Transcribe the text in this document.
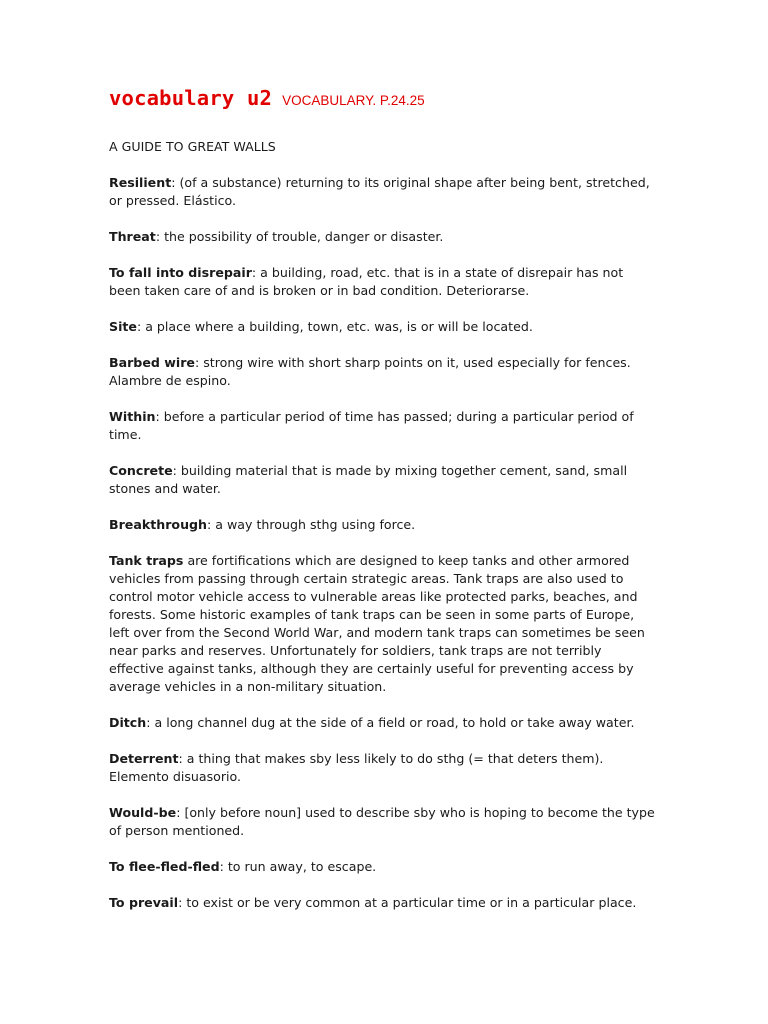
vocabulary u2 VOCABULARY. P.24.25

A GUIDE TO GREAT WALLS

Resilient: (of a substance) returning to its original shape after being bent, stretched, or pressed. Elástico.

Threat: the possibility of trouble, danger or disaster.

To fall into disrepair: a building, road, etc. that is in a state of disrepair has not been taken care of and is broken or in bad condition. Deteriorarse.

Site: a place where a building, town, etc. was, is or will be located.

Barbed wire: strong wire with short sharp points on it, used especially for fences. Alambre de espino.

Within: before a particular period of time has passed; during a particular period of time.

Concrete: building material that is made by mixing together cement, sand, small stones and water.

Breakthrough: a way through sthg using force.

Tank traps are fortifications which are designed to keep tanks and other armored vehicles from passing through certain strategic areas. Tank traps are also used to control motor vehicle access to vulnerable areas like protected parks, beaches, and forests. Some historic examples of tank traps can be seen in some parts of Europe, left over from the Second World War, and modern tank traps can sometimes be seen near parks and reserves. Unfortunately for soldiers, tank traps are not terribly effective against tanks, although they are certainly useful for preventing access by average vehicles in a non-military situation.

Ditch: a long channel dug at the side of a field or road, to hold or take away water.

Deterrent: a thing that makes sby less likely to do sthg (= that deters them). Elemento disuasorio.

Would-be: [only before noun] used to describe sby who is hoping to become the type of person mentioned.

To flee-fled-fled: to run away, to escape.

To prevail: to exist or be very common at a particular time or in a particular place.
